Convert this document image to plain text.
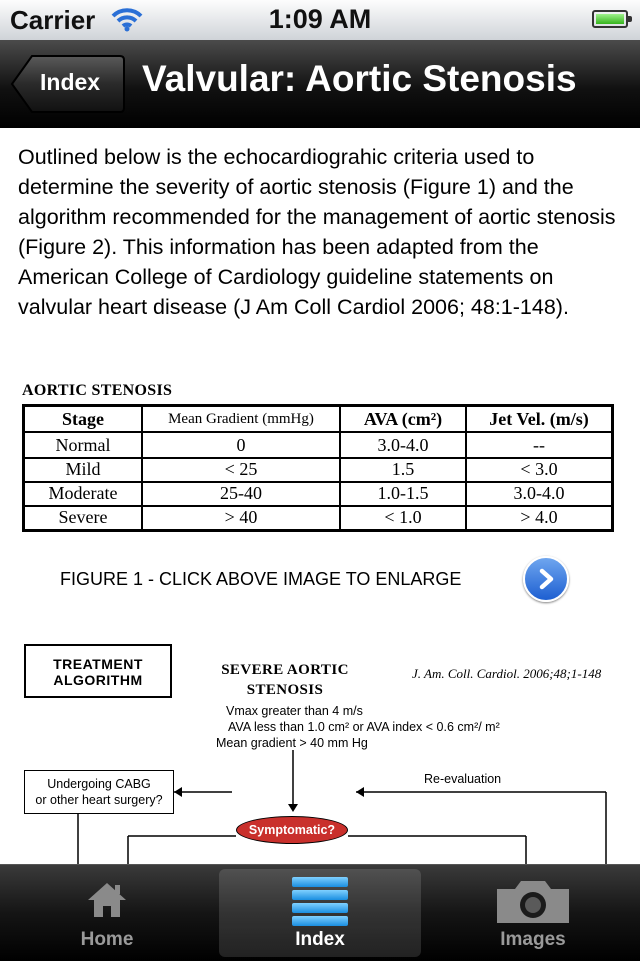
Carrier	1:09 AM
Index Valvular: Aortic Stenosis
Outlined below is the echocardiograhic criteria used to determine the severity of aortic stenosis (Figure 1) and the algorithm recommended for the management of aortic stenosis (Figure 2). This information has been adapted from the American College of Cardiology guideline statements on valvular heart disease (J Am Coll Cardiol 2006; 48:1-148).
AORTIC STENOSIS
Stage	Mean Gradient (mmHg)	AVA (cm²)	Jet Vel. (m/s)
Normal	0	3.0-4.0	--
Mild	< 25	1.5	< 3.0
Moderate	25-40	1.0-1.5	3.0-4.0
Severe	> 40	< 1.0	> 4.0
FIGURE 1 - CLICK ABOVE IMAGE TO ENLARGE
TREATMENT
ALGORITHM
SEVERE AORTIC
STENOSIS
J. Am. Coll. Cardiol. 2006;48;1-148
Vmax greater than 4 m/s
AVA less than 1.0 cm² or AVA index < 0.6 cm²/ m²
Mean gradient > 40 mm Hg
Undergoing CABG
or other heart surgery?
Re-evaluation
Symptomatic?
Home	Index	Images
